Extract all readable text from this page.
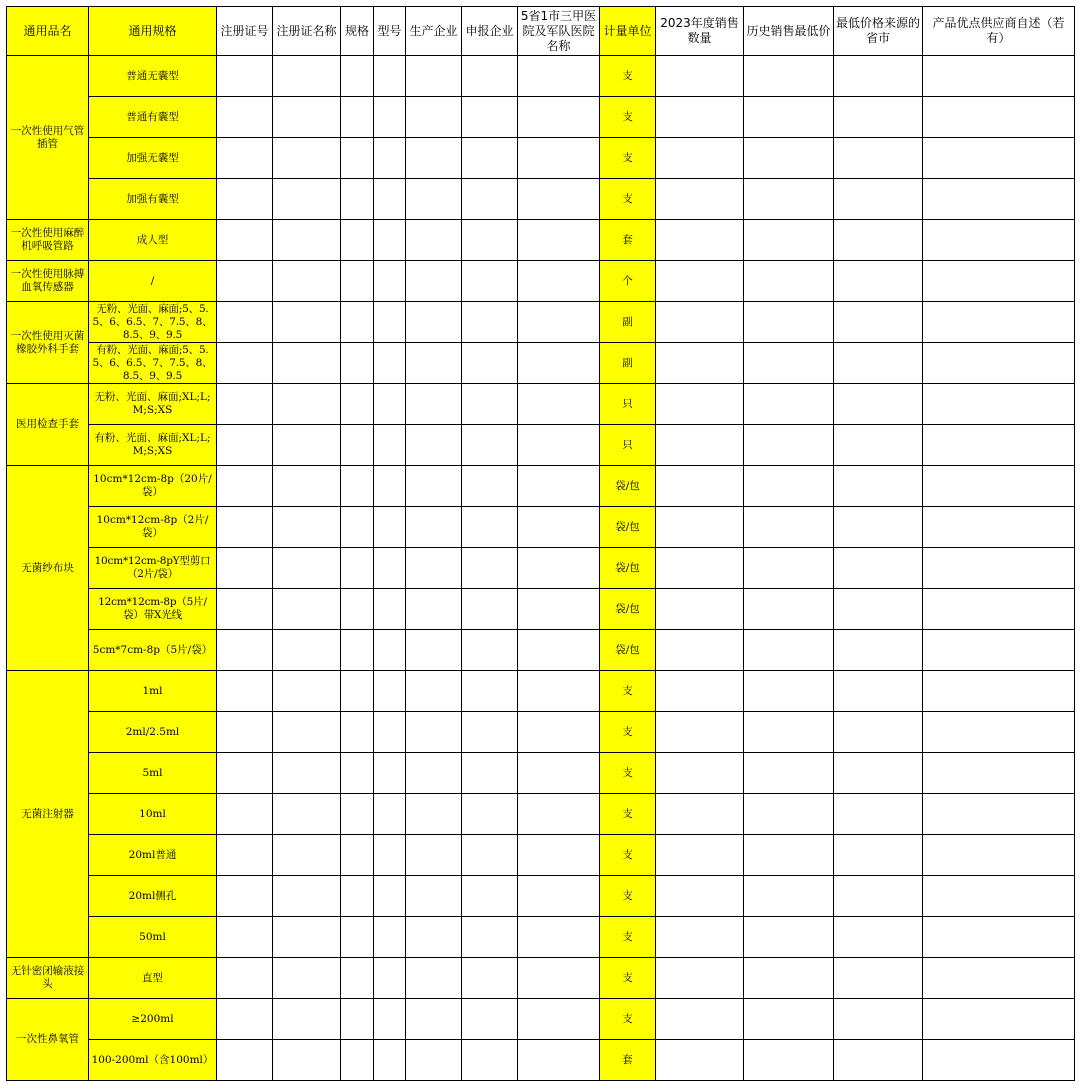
通用品名	通用规格	注册证号	注册证名称	规格	型号	生产企业	申报企业	5省1市三甲医院及军队医院名称	计量单位	2023年度销售数量	历史销售最低价	最低价格来源的省市	产品优点供应商自述（若有）
一次性使用气管插管	普通无囊型								支				
	普通有囊型								支				
	加强无囊型								支				
	加强有囊型								支				
一次性使用麻醉机呼吸管路	成人型								套				
一次性使用脉搏血氧传感器	/								个				
一次性使用灭菌橡胶外科手套	无粉、光面、麻面;5、5.5、6、6.5、7、7.5、8、8.5、9、9.5								副				
	有粉、光面、麻面;5、5.5、6、6.5、7、7.5、8、8.5、9、9.5								副				
医用检查手套	无粉、光面、麻面;XL;L;M;S;XS								只				
	有粉、光面、麻面;XL;L;M;S;XS								只				
无菌纱布块	10cm*12cm-8p（20片/袋）								袋/包				
	10cm*12cm-8p（2片/袋）								袋/包				
	10cm*12cm-8pY型剪口（2片/袋）								袋/包				
	12cm*12cm-8p（5片/袋）带X光线								袋/包				
	5cm*7cm-8p（5片/袋）								袋/包				
无菌注射器	1ml								支				
	2ml/2.5ml								支				
	5ml								支				
	10ml								支				
	20ml普通								支				
	20ml侧孔								支				
	50ml								支				
无针密闭输液接头	直型								支				
一次性鼻氧管	≥200ml								支				
	100-200ml（含100ml）								套				
